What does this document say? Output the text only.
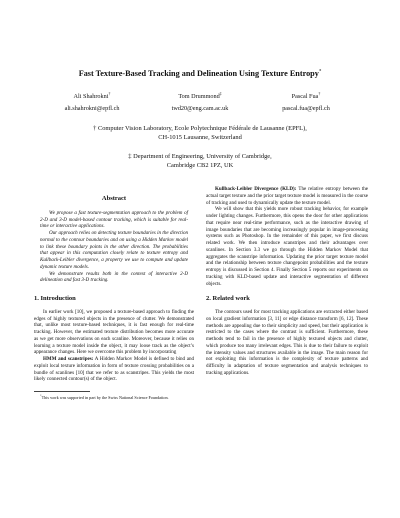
Fast Texture-Based Tracking and Delineation Using Texture Entropy*
Ali Shahrokni†
ali.shahrokni@epfl.ch
Tom Drummond‡
twd20@eng.cam.ac.uk
Pascal Fua†
pascal.fua@epfl.ch
† Computer Vision Laboratory, Ecole Polytechnique Fédérale de Lausanne (EPFL),
CH-1015 Lausanne, Switzerland
‡ Department of Engineering, University of Cambridge,
Cambridge CB2 1PZ, UK
Abstract

We propose a fast texture-segmentation approach to the problem of 2-D and 3-D model-based contour tracking, which is suitable for real-time or interactive applications.

Our approach relies on detecting texture boundaries in the direction normal to the contour boundaries and on using a Hidden Markov model to link these boundary points in the other direction. The probabilities that appear in this computation closely relate to texture entropy and Kullback-Leibler divergence, a property we use to compute and update dynamic texture models.

We demonstrate results both in the context of interactive 2-D delineation and fast 3-D tracking.

1. Introduction

In earlier work [10], we proposed a texture-based approach to finding the edges of highly textured objects in the presence of clutter. We demonstrated that, unlike most texture-based techniques, it is fast enough for real-time tracking. However, the estimated texture distribution becomes more accurate as we get more observations on each scanline. Moreover, because it relies on learning a texture model inside the object, it may loose track as the object’s appearance changes. Here we overcome this problem by incorporating

HMM and scanstripes: A Hidden Markov Model is defined to bind and exploit local texture information in form of texture crossing probabilities on a bundle of scanlines [10] that we refer to as scanstripes. This yields the most likely connected contour(s) of the object.

*This work was supported in part by the Swiss National Science Foundation.

Kullback-Leibler Divergence (KLD): The relative entropy between the actual target texture and the prior target texture model is measured in the course of tracking and used to dynamically update the texture model.

We will show that this yields more robust tracking behavior, for example under lighting changes. Furthermore, this opens the door for other applications that require near real-time performance, such as the interactive drawing of image boundaries that are becoming increasingly popular in image-processing systems such as Photoshop. In the remainder of this paper, we first discuss related work. We then introduce scanstripes and their advantages over scanlines. In Section 3.3 we go through the Hidden Markov Model that aggregates the scanstripe information. Updating the prior target texture model and the relationship between texture changepoint probabilities and the texture entropy is discussed in Section 4. Finally Section 5 reports our experiments on tracking with KLD-based update and interactive segmentation of different objects.

2. Related work

The contours used for most tracking applications are extracted either based on local gradient information [3, 11] or edge distance transform [6, 12]. These methods are appealing due to their simplicity and speed, but their application is restricted to the cases where the contrast is sufficient. Furthermore, these methods tend to fail in the presence of highly textured objects and clutter, which produce too many irrelevant edges. This is due to their failure to exploit the intensity values and structures available in the image. The main reason for not exploiting this information is the complexity of texture patterns and difficulty in adaptation of texture segmentation and analysis techniques to tracking applications.
